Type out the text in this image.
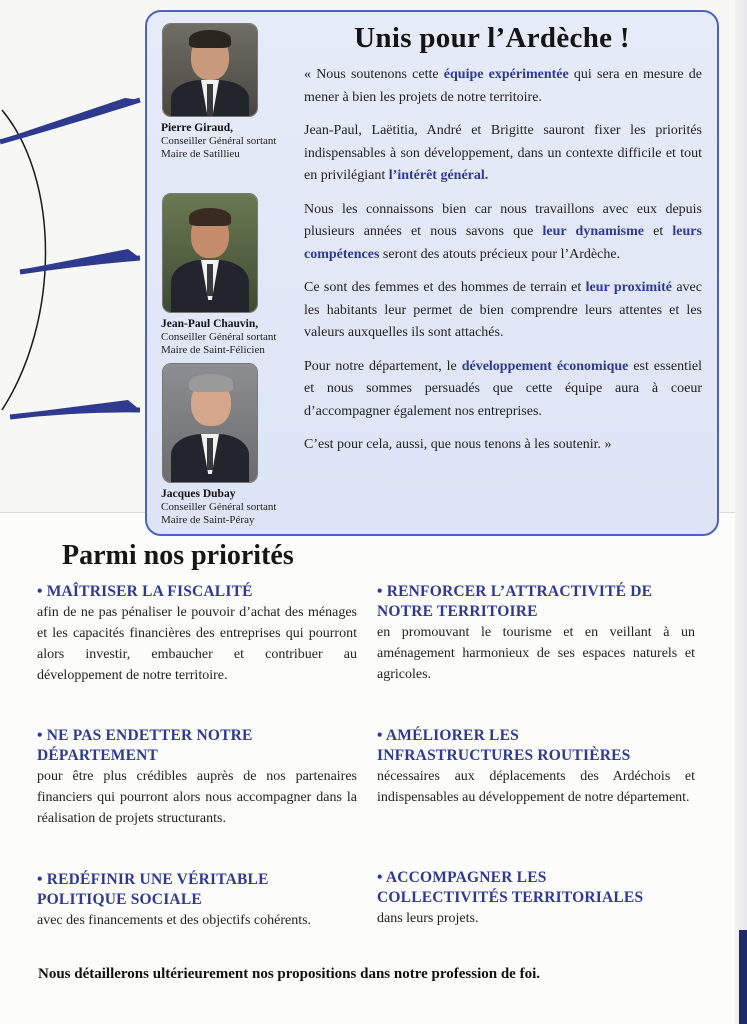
Unis pour l’Ardèche !
Pierre Giraud,
Conseiller Général sortant
Maire de Satillieu
Jean-Paul Chauvin,
Conseiller Général sortant
Maire de Saint-Félicien
Jacques Dubay
Conseiller Général sortant
Maire de Saint-Péray

« Nous soutenons cette équipe expérimentée qui sera en mesure de mener à bien les projets de notre territoire.

Jean-Paul, Laëtitia, André et Brigitte sauront fixer les priorités indispensables à son développement, dans un contexte difficile et tout en privilégiant l’intérêt général.

Nous les connaissons bien car nous travaillons avec eux depuis plusieurs années et nous savons que leur dynamisme et leurs compétences seront des atouts précieux pour l’Ardèche.

Ce sont des femmes et des hommes de terrain et leur proximité avec les habitants leur permet de bien comprendre leurs attentes et les valeurs auxquelles ils sont attachés.

Pour notre département, le développement économique est essentiel et nous sommes persuadés que cette équipe aura à coeur d’accompagner également nos entreprises.

C’est pour cela, aussi, que nous tenons à les soutenir. »

Parmi nos priorités
• MAÎTRISER LA FISCALITÉ
afin de ne pas pénaliser le pouvoir d’achat des ménages et les capacités financières des entreprises qui pourront alors investir, embaucher et contribuer au développement de notre territoire.
• RENFORCER L’ATTRACTIVITÉ DE NOTRE TERRITOIRE
en promouvant le tourisme et en veillant à un aménagement harmonieux de ses espaces naturels et agricoles.
• NE PAS ENDETTER NOTRE DÉPARTEMENT
pour être plus crédibles auprès de nos partenaires financiers qui pourront alors nous accompagner dans la réalisation de projets structurants.
• AMÉLIORER LES INFRASTRUCTURES ROUTIÈRES
nécessaires aux déplacements des Ardéchois et indispensables au développement de notre département.
• REDÉFINIR UNE VÉRITABLE POLITIQUE SOCIALE
avec des financements et des objectifs cohérents.
• ACCOMPAGNER LES COLLECTIVITÉS TERRITORIALES
dans leurs projets.
Nous détaillerons ultérieurement nos propositions dans notre profession de foi.
